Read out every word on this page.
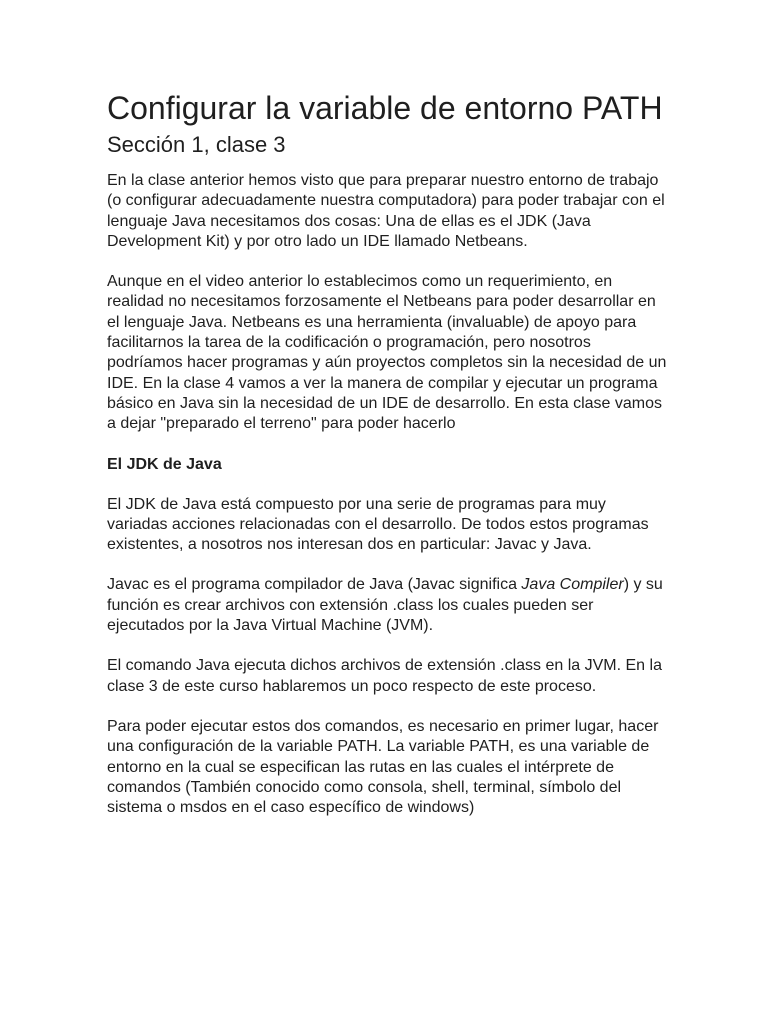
Configurar la variable de entorno PATH
Sección 1, clase 3

En la clase anterior hemos visto que para preparar nuestro entorno de trabajo (o configurar adecuadamente nuestra computadora) para poder trabajar con el lenguaje Java necesitamos dos cosas: Una de ellas es el JDK (Java Development Kit) y por otro lado un IDE llamado Netbeans.

Aunque en el video anterior lo establecimos como un requerimiento, en realidad no necesitamos forzosamente el Netbeans para poder desarrollar en el lenguaje Java. Netbeans es una herramienta (invaluable) de apoyo para facilitarnos la tarea de la codificación o programación, pero nosotros podríamos hacer programas y aún proyectos completos sin la necesidad de un IDE. En la clase 4 vamos a ver la manera de compilar y ejecutar un programa básico en Java sin la necesidad de un IDE de desarrollo. En esta clase vamos a dejar "preparado el terreno" para poder hacerlo

El JDK de Java

El JDK de Java está compuesto por una serie de programas para muy variadas acciones relacionadas con el desarrollo. De todos estos programas existentes, a nosotros nos interesan dos en particular: Javac y Java.

Javac es el programa compilador de Java (Javac significa Java Compiler) y su función es crear archivos con extensión .class los cuales pueden ser ejecutados por la Java Virtual Machine (JVM).

El comando Java ejecuta dichos archivos de extensión .class en la JVM. En la clase 3 de este curso hablaremos un poco respecto de este proceso.

Para poder ejecutar estos dos comandos, es necesario en primer lugar, hacer una configuración de la variable PATH. La variable PATH, es una variable de entorno en la cual se especifican las rutas en las cuales el intérprete de comandos (También conocido como consola, shell, terminal, símbolo del sistema o msdos en el caso específico de windows)
